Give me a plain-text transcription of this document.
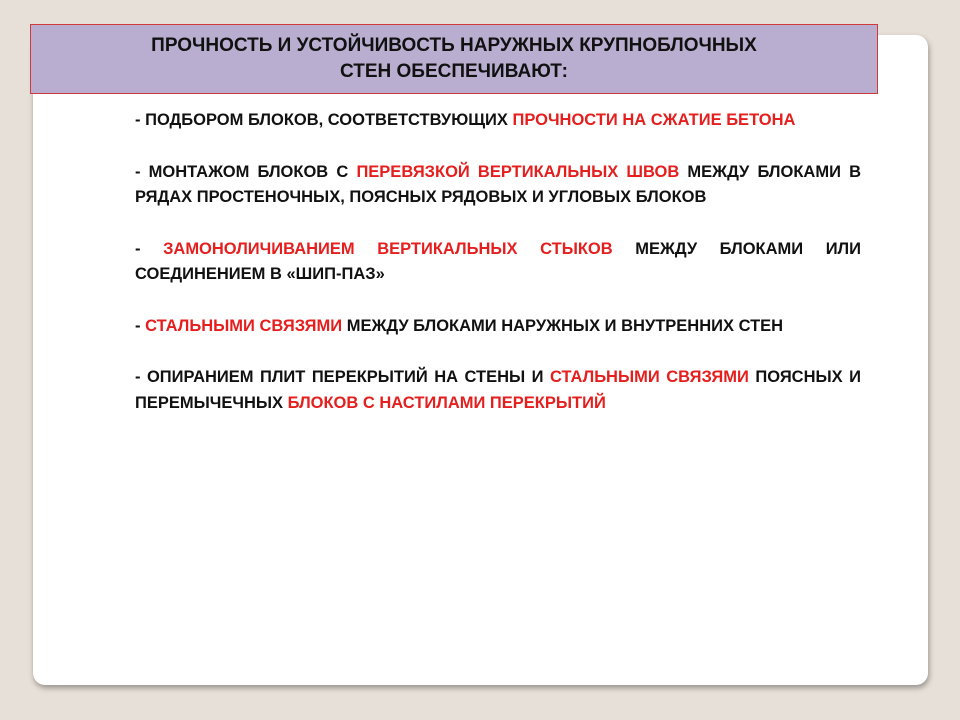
ПРОЧНОСТЬ И УСТОЙЧИВОСТЬ НАРУЖНЫХ КРУПНОБЛОЧНЫХ
СТЕН ОБЕСПЕЧИВАЮТ:

- ПОДБОРОМ БЛОКОВ, СООТВЕТСТВУЮЩИХ ПРОЧНОСТИ НА СЖАТИЕ БЕТОНА
- МОНТАЖОМ БЛОКОВ С ПЕРЕВЯЗКОЙ ВЕРТИКАЛЬНЫХ ШВОВ МЕЖДУ БЛОКАМИ В РЯДАХ ПРОСТЕНОЧНЫХ, ПОЯСНЫХ РЯДОВЫХ И УГЛОВЫХ БЛОКОВ
- ЗАМОНОЛИЧИВАНИЕМ ВЕРТИКАЛЬНЫХ СТЫКОВ МЕЖДУ БЛОКАМИ ИЛИ СОЕДИНЕНИЕМ В «ШИП-ПАЗ»
- СТАЛЬНЫМИ СВЯЗЯМИ МЕЖДУ БЛОКАМИ НАРУЖНЫХ И ВНУТРЕННИХ СТЕН
- ОПИРАНИЕМ ПЛИТ ПЕРЕКРЫТИЙ НА СТЕНЫ И СТАЛЬНЫМИ СВЯЗЯМИ ПОЯСНЫХ И ПЕРЕМЫЧЕЧНЫХ БЛОКОВ С НАСТИЛАМИ ПЕРЕКРЫТИЙ
